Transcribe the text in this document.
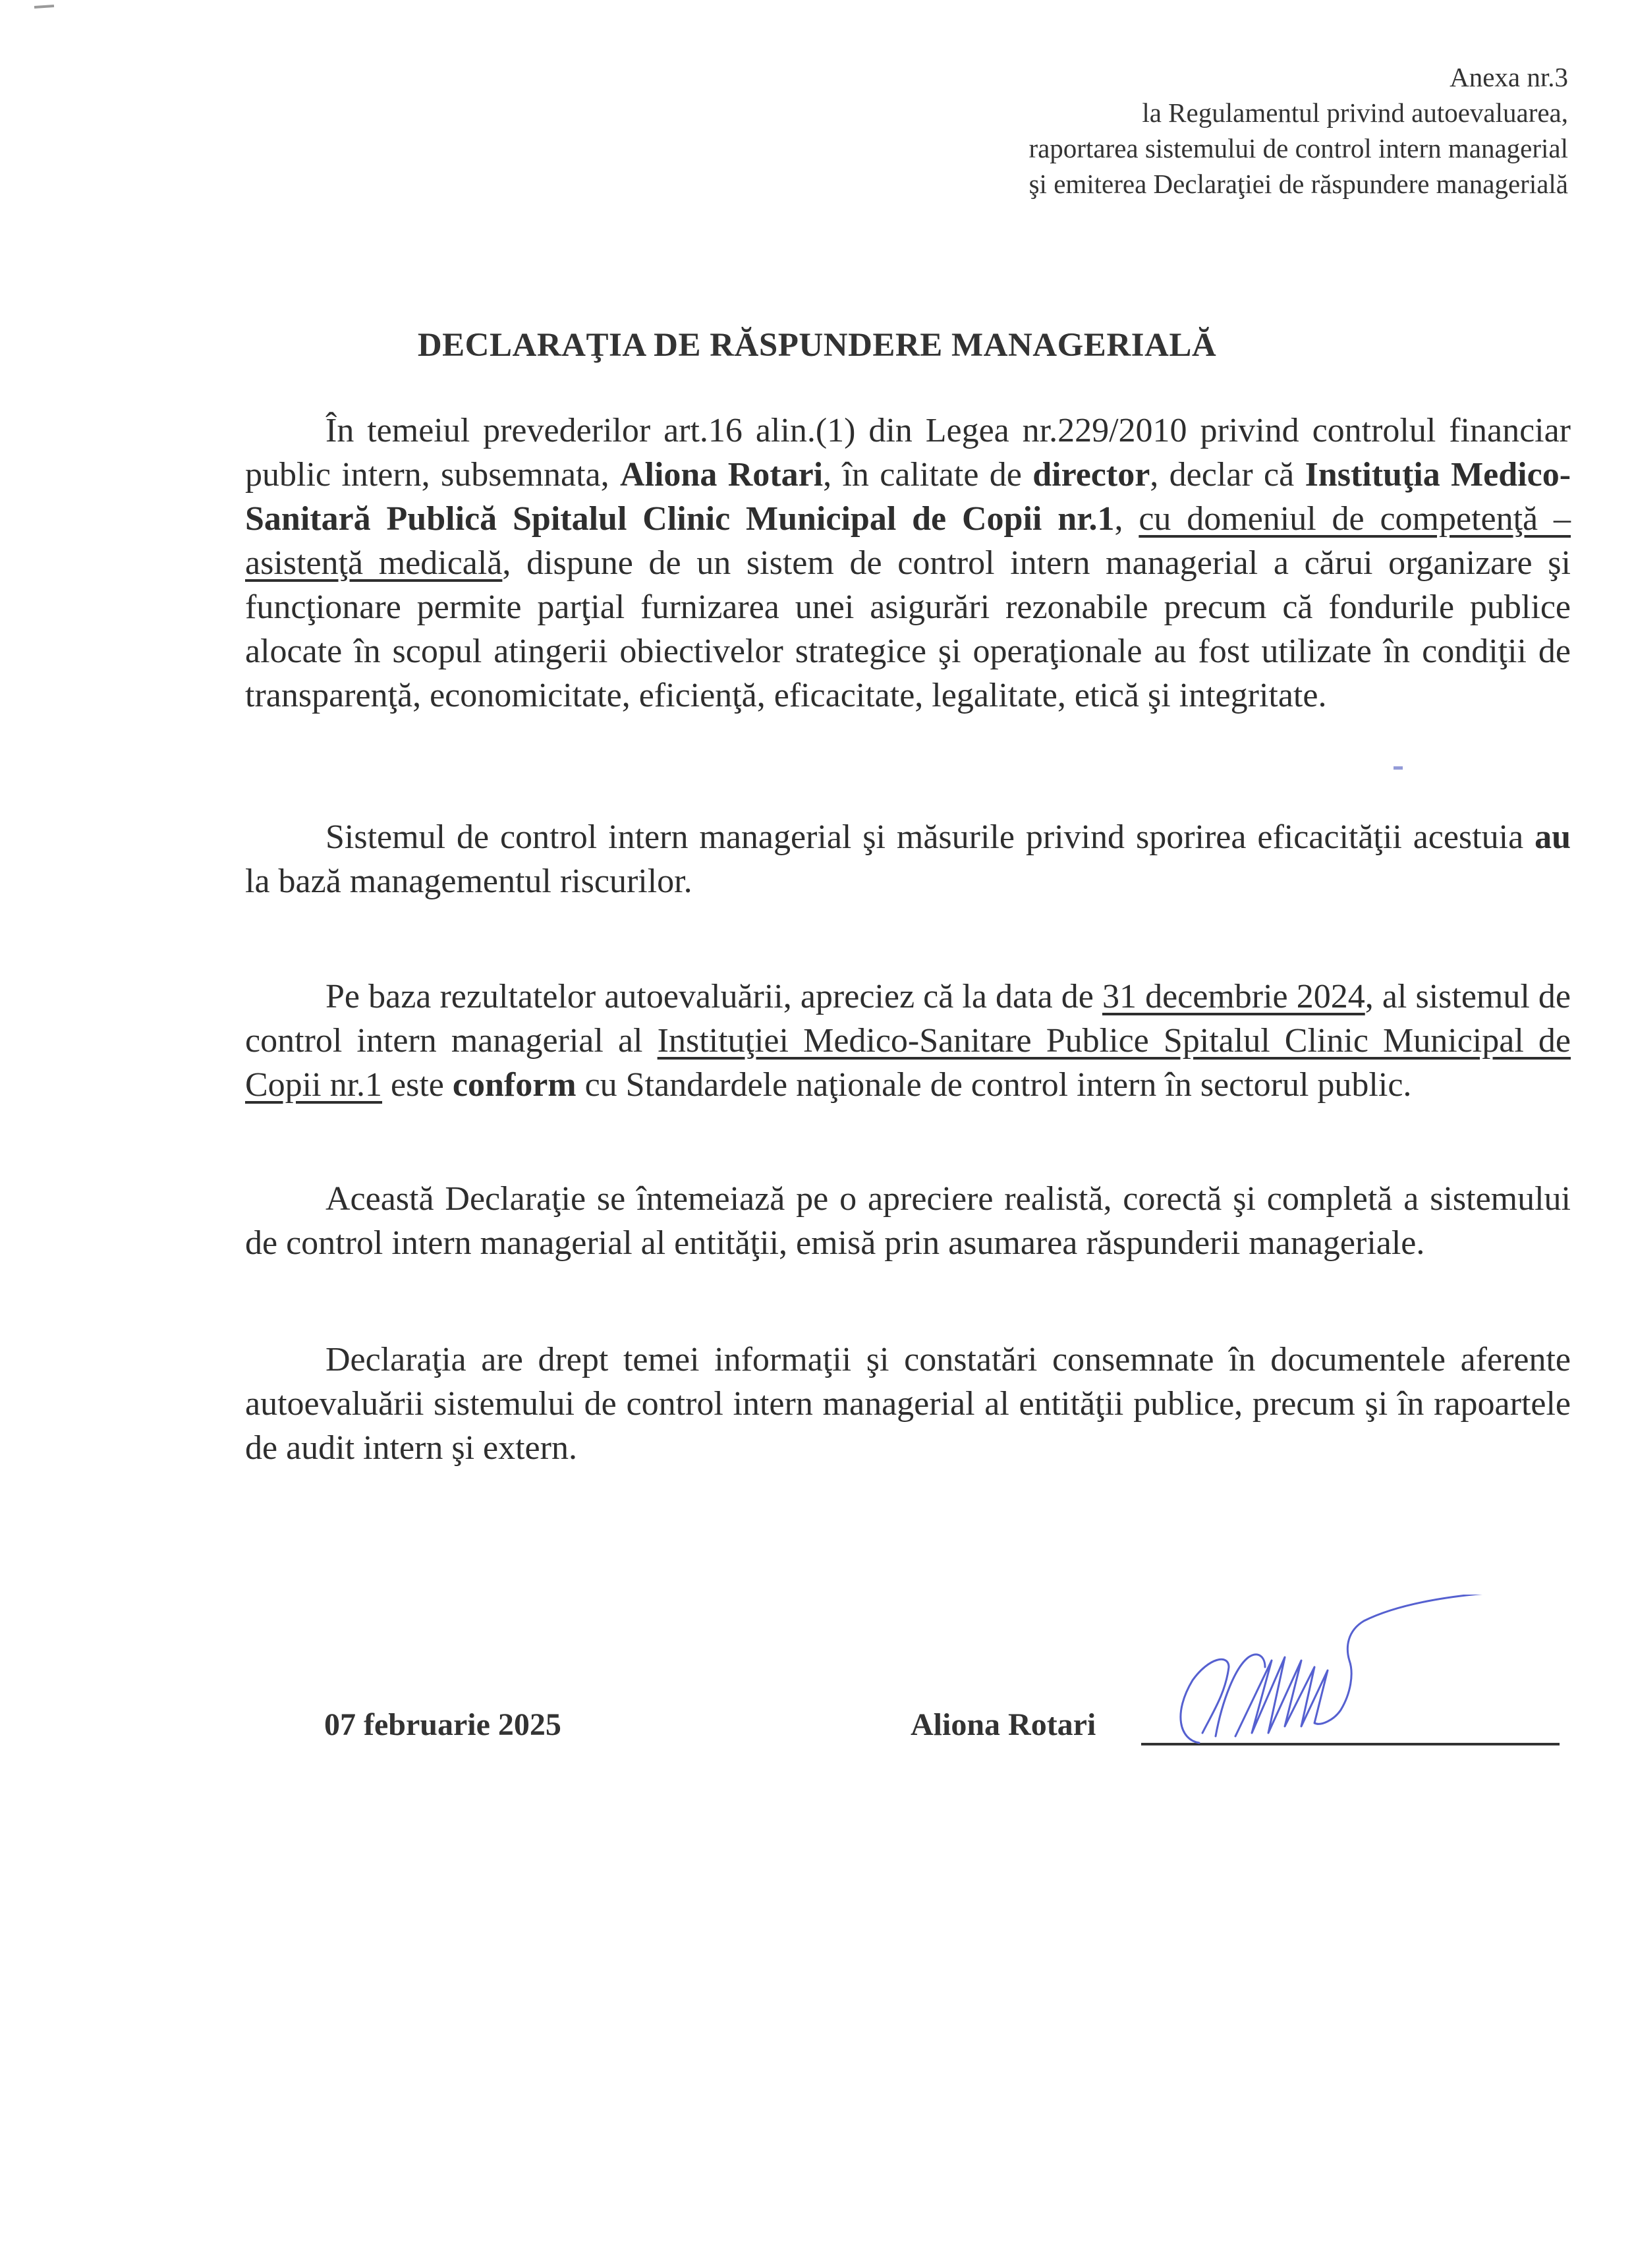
Anexa nr.3
la Regulamentul privind autoevaluarea,
raportarea sistemului de control intern managerial
şi emiterea Declaraţiei de răspundere managerială
DECLARAŢIA DE RĂSPUNDERE MANAGERIALĂ

În temeiul prevederilor art.16 alin.(1) din Legea nr.229/2010 privind controlul financiar public intern, subsemnata, Aliona Rotari, în calitate de director, declar că Instituţia Medico-Sanitară Publică Spitalul Clinic Municipal de Copii nr.1, cu domeniul de competenţă – asistenţă medicală, dispune de un sistem de control intern managerial a cărui organizare şi funcţionare permite parţial furnizarea unei asigurări rezonabile precum că fondurile publice alocate în scopul atingerii obiectivelor strategice şi operaţionale au fost utilizate în condiţii de transparenţă, economicitate, eficienţă, eficacitate, legalitate, etică şi integritate.

Sistemul de control intern managerial şi măsurile privind sporirea eficacităţii acestuia au la bază managementul riscurilor.

Pe baza rezultatelor autoevaluării, apreciez că la data de 31 decembrie 2024, al sistemul de control intern managerial al Instituţiei Medico-Sanitare Publice Spitalul Clinic Municipal de Copii nr.1 este conform cu Standardele naţionale de control intern în sectorul public.

Această Declaraţie se întemeiază pe o apreciere realistă, corectă şi completă a sistemului de control intern managerial al entităţii, emisă prin asumarea răspunderii manageriale.

Declaraţia are drept temei informaţii şi constatări consemnate în documentele aferente autoevaluării sistemului de control intern managerial al entităţii publice, precum şi în rapoartele de audit intern şi extern.

07 februarie 2025	Aliona Rotari
